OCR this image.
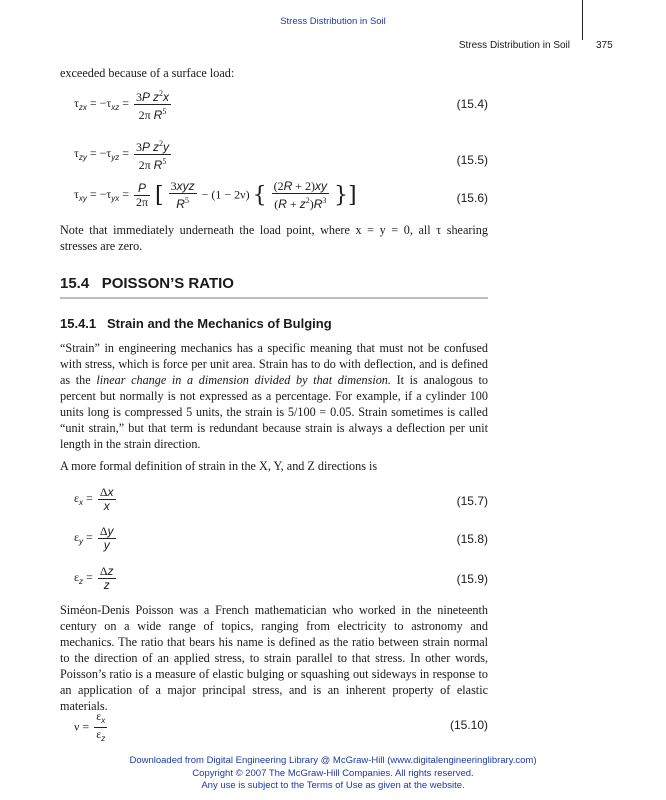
Stress Distribution in Soil
Stress Distribution in Soil	375
exceeded because of a surface load:
$\tau_{zx} = -\tau_{xz} = \frac{3P z^2x}{2\pi R^5}$	(15.4)
$\tau_{zy} = -\tau_{yz} = \frac{3P z^2y}{2\pi R^5}$	(15.5)
$\tau_{xy} = -\tau_{yx} = \frac{P}{2\pi}$ [ $\frac{\text{3xyz}}{R^5} - (1 - 2\nu)$ { $\frac{(2R + 2)xy}{(R + z^2)R^3}$ }]	(15.6)
Note that immediately underneath the load point, where x = y = 0, all τ shearing stresses are zero.
15.4 POISSON’S RATIO
15.4.1 Strain and the Mechanics of Bulging
“Strain” in engineering mechanics has a specific meaning that must not be confused with stress, which is force per unit area. Strain has to do with deflection, and is defined as the linear change in a dimension divided by that dimension. It is analogous to percent but normally is not expressed as a percentage. For example, if a cylinder 100 units long is compressed 5 units, the strain is 5/100 = 0.05. Strain sometimes is called “unit strain,” but that term is redundant because strain is always a deflection per unit length in the strain direction.
A more formal definition of strain in the X, Y, and Z directions is
$\varepsilon_x = \frac{\Delta x}{x}$	(15.7)
$\varepsilon_y = \frac{\Delta y}{y}$	(15.8)
$\varepsilon_z = \frac{\Delta z}{z}$	(15.9)
Siméon-Denis Poisson was a French mathematician who worked in the nineteenth century on a wide range of topics, ranging from electricity to astronomy and mechanics. The ratio that bears his name is defined as the ratio between strain normal to the direction of an applied stress, to strain parallel to that stress. In other words, Poisson’s ratio is a measure of elastic bulging or squashing out sideways in response to an application of a major principal stress, and is an inherent property of elastic materials.
$\nu = \frac{\varepsilon_x}{\varepsilon_z}$	(15.10)
Downloaded from Digital Engineering Library @ McGraw-Hill (www.digitalengineeringlibrary.com)
Copyright © 2007 The McGraw-Hill Companies. All rights reserved.
Any use is subject to the Terms of Use as given at the website.
